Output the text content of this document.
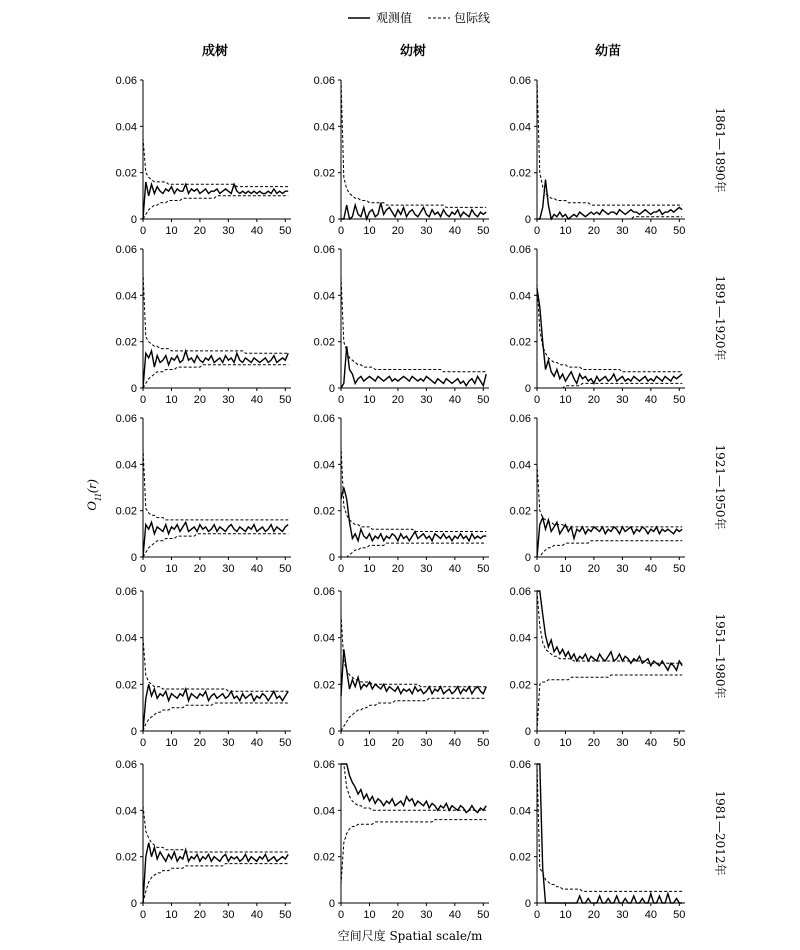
观测值	包际线
成树	幼树	幼苗
1861—1890年
1891—1920年
1921—1950年
1951—1980年
1981—2012年
$O_{11}(r)$
空间尺度 Spatial scale/m
0
0.02
0.04
0.06
0 10 20 30 40 50
0
0.02
0.04
0.06
0 10 20 30 40 50
0
0.02
0.04
0.06
0 10 20 30 40 50
0
0.02
0.04
0.06
0 10 20 30 40 50
0
0.02
0.04
0.06
0 10 20 30 40 50
0
0.02
0.04
0.06
0 10 20 30 40 50
0
0.02
0.04
0.06
0 10 20 30 40 50
0
0.02
0.04
0.06
0 10 20 30 40 50
0
0.02
0.04
0.06
0 10 20 30 40 50
0
0.02
0.04
0.06
0 10 20 30 40 50
0
0.02
0.04
0.06
0 10 20 30 40 50
0
0.02
0.04
0.06
0 10 20 30 40 50
0
0.02
0.04
0.06
0 10 20 30 40 50
0
0.02
0.04
0.06
0 10 20 30 40 50
0
0.02
0.04
0.06
0 10 20 30 40 50
